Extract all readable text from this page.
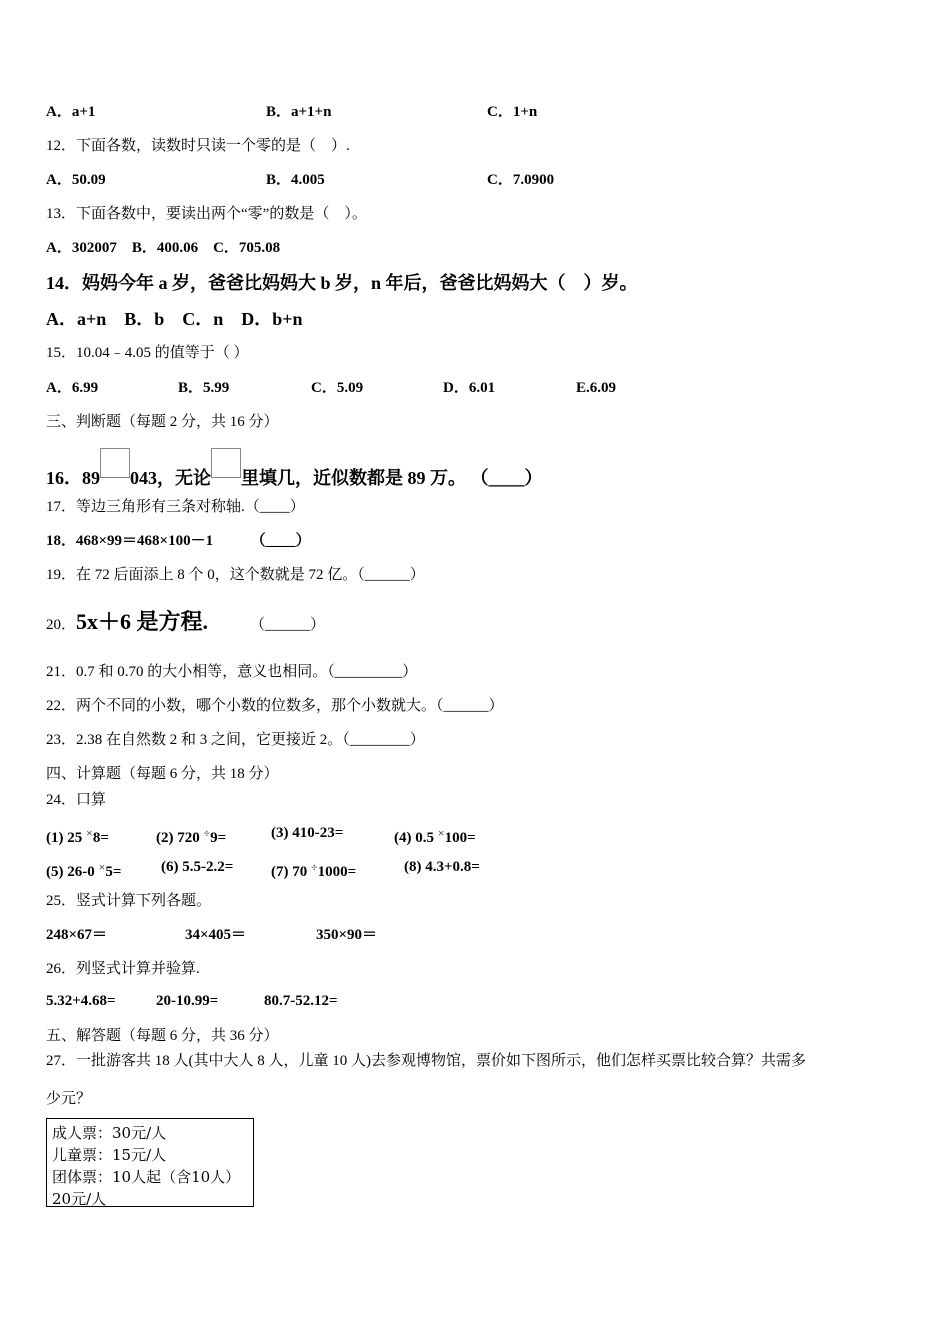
A．a+1	B．a+1+n	C．1+n
12．下面各数，读数时只读一个零的是（　）.
A．50.09	B．4.005	C．7.0900
13．下面各数中，要读出两个“零”的数是（　）。
A．302007　B．400.06　C．705.08
14．妈妈今年 a 岁，爸爸比妈妈大 b 岁，n 年后，爸爸比妈妈大（　）岁。
A．a+n　B．b　C．n　D．b+n
15．10.04﹣4.05 的值等于（ ）
A．6.99	B．5.99	C．5.09	D．6.01	E.6.09
三、判断题（每题 2 分，共 16 分）
16．89 043，无论 里填几，近似数都是 89 万。 （____）
17．等边三角形有三条对称轴.（____）
18．468×99＝468×100－1　　　（____）
19．在 72 后面添上 8 个 0，这个数就是 72 亿。（______）
20．5x＋6 是方程.	（______）
21．0.7 和 0.70 的大小相等，意义也相同。（_________）
22．两个不同的小数，哪个小数的位数多，那个小数就大。（______）
23．2.38 在自然数 2 和 3 之间，它更接近 2。（________）
四、计算题（每题 6 分，共 18 分）
24．口算
(1) 25 ×8=	(2) 720 ÷9=	(3) 410-23=	(4) 0.5 ×100=
(5) 26-0 ×5=	(6) 5.5-2.2=	(7) 70 ÷1000=	(8) 4.3+0.8=
25．竖式计算下列各题。
248×67＝	34×405＝	350×90＝
26．列竖式计算并验算.
5.32+4.68=	20-10.99=	80.7-52.12=
五、解答题（每题 6 分，共 36 分）
27．一批游客共 18 人(其中大人 8 人，儿童 10 人)去参观博物馆，票价如下图所示，他们怎样买票比较合算？共需多
少元？
成人票：30元/人
儿童票：15元/人
团体票：10人起（含10人）
20元/人
